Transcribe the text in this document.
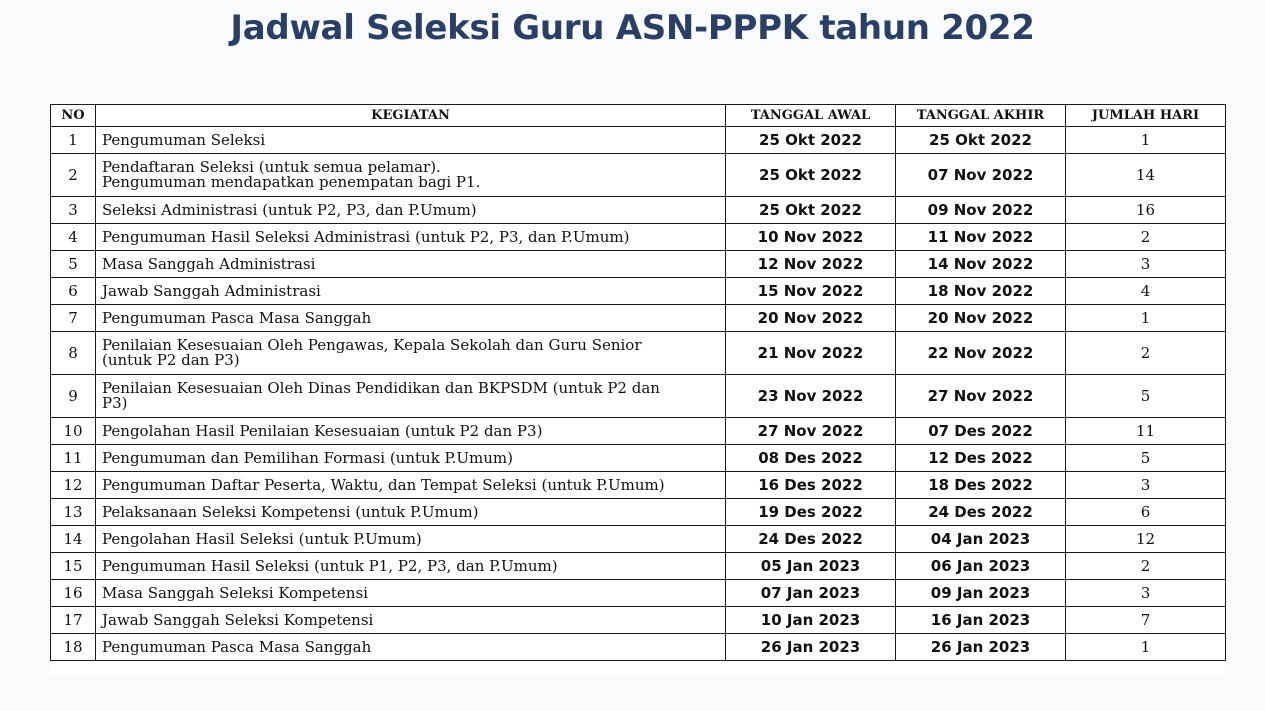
Jadwal Seleksi Guru ASN-PPPK tahun 2022
NO	KEGIATAN	TANGGAL AWAL	TANGGAL AKHIR	JUMLAH HARI
1	Pengumuman Seleksi	25 Okt 2022	25 Okt 2022	1
2	Pendaftaran Seleksi (untuk semua pelamar).
Pengumuman mendapatkan penempatan bagi P1.	25 Okt 2022	07 Nov 2022	14
3	Seleksi Administrasi (untuk P2, P3, dan P.Umum)	25 Okt 2022	09 Nov 2022	16
4	Pengumuman Hasil Seleksi Administrasi (untuk P2, P3, dan P.Umum)	10 Nov 2022	11 Nov 2022	2
5	Masa Sanggah Administrasi	12 Nov 2022	14 Nov 2022	3
6	Jawab Sanggah Administrasi	15 Nov 2022	18 Nov 2022	4
7	Pengumuman Pasca Masa Sanggah	20 Nov 2022	20 Nov 2022	1
8	Penilaian Kesesuaian Oleh Pengawas, Kepala Sekolah dan Guru Senior
(untuk P2 dan P3)	21 Nov 2022	22 Nov 2022	2
9	Penilaian Kesesuaian Oleh Dinas Pendidikan dan BKPSDM (untuk P2 dan
P3)	23 Nov 2022	27 Nov 2022	5
10	Pengolahan Hasil Penilaian Kesesuaian (untuk P2 dan P3)	27 Nov 2022	07 Des 2022	11
11	Pengumuman dan Pemilihan Formasi (untuk P.Umum)	08 Des 2022	12 Des 2022	5
12	Pengumuman Daftar Peserta, Waktu, dan Tempat Seleksi (untuk P.Umum)	16 Des 2022	18 Des 2022	3
13	Pelaksanaan Seleksi Kompetensi (untuk P.Umum)	19 Des 2022	24 Des 2022	6
14	Pengolahan Hasil Seleksi (untuk P.Umum)	24 Des 2022	04 Jan 2023	12
15	Pengumuman Hasil Seleksi (untuk P1, P2, P3, dan P.Umum)	05 Jan 2023	06 Jan 2023	2
16	Masa Sanggah Seleksi Kompetensi	07 Jan 2023	09 Jan 2023	3
17	Jawab Sanggah Seleksi Kompetensi	10 Jan 2023	16 Jan 2023	7
18	Pengumuman Pasca Masa Sanggah	26 Jan 2023	26 Jan 2023	1
